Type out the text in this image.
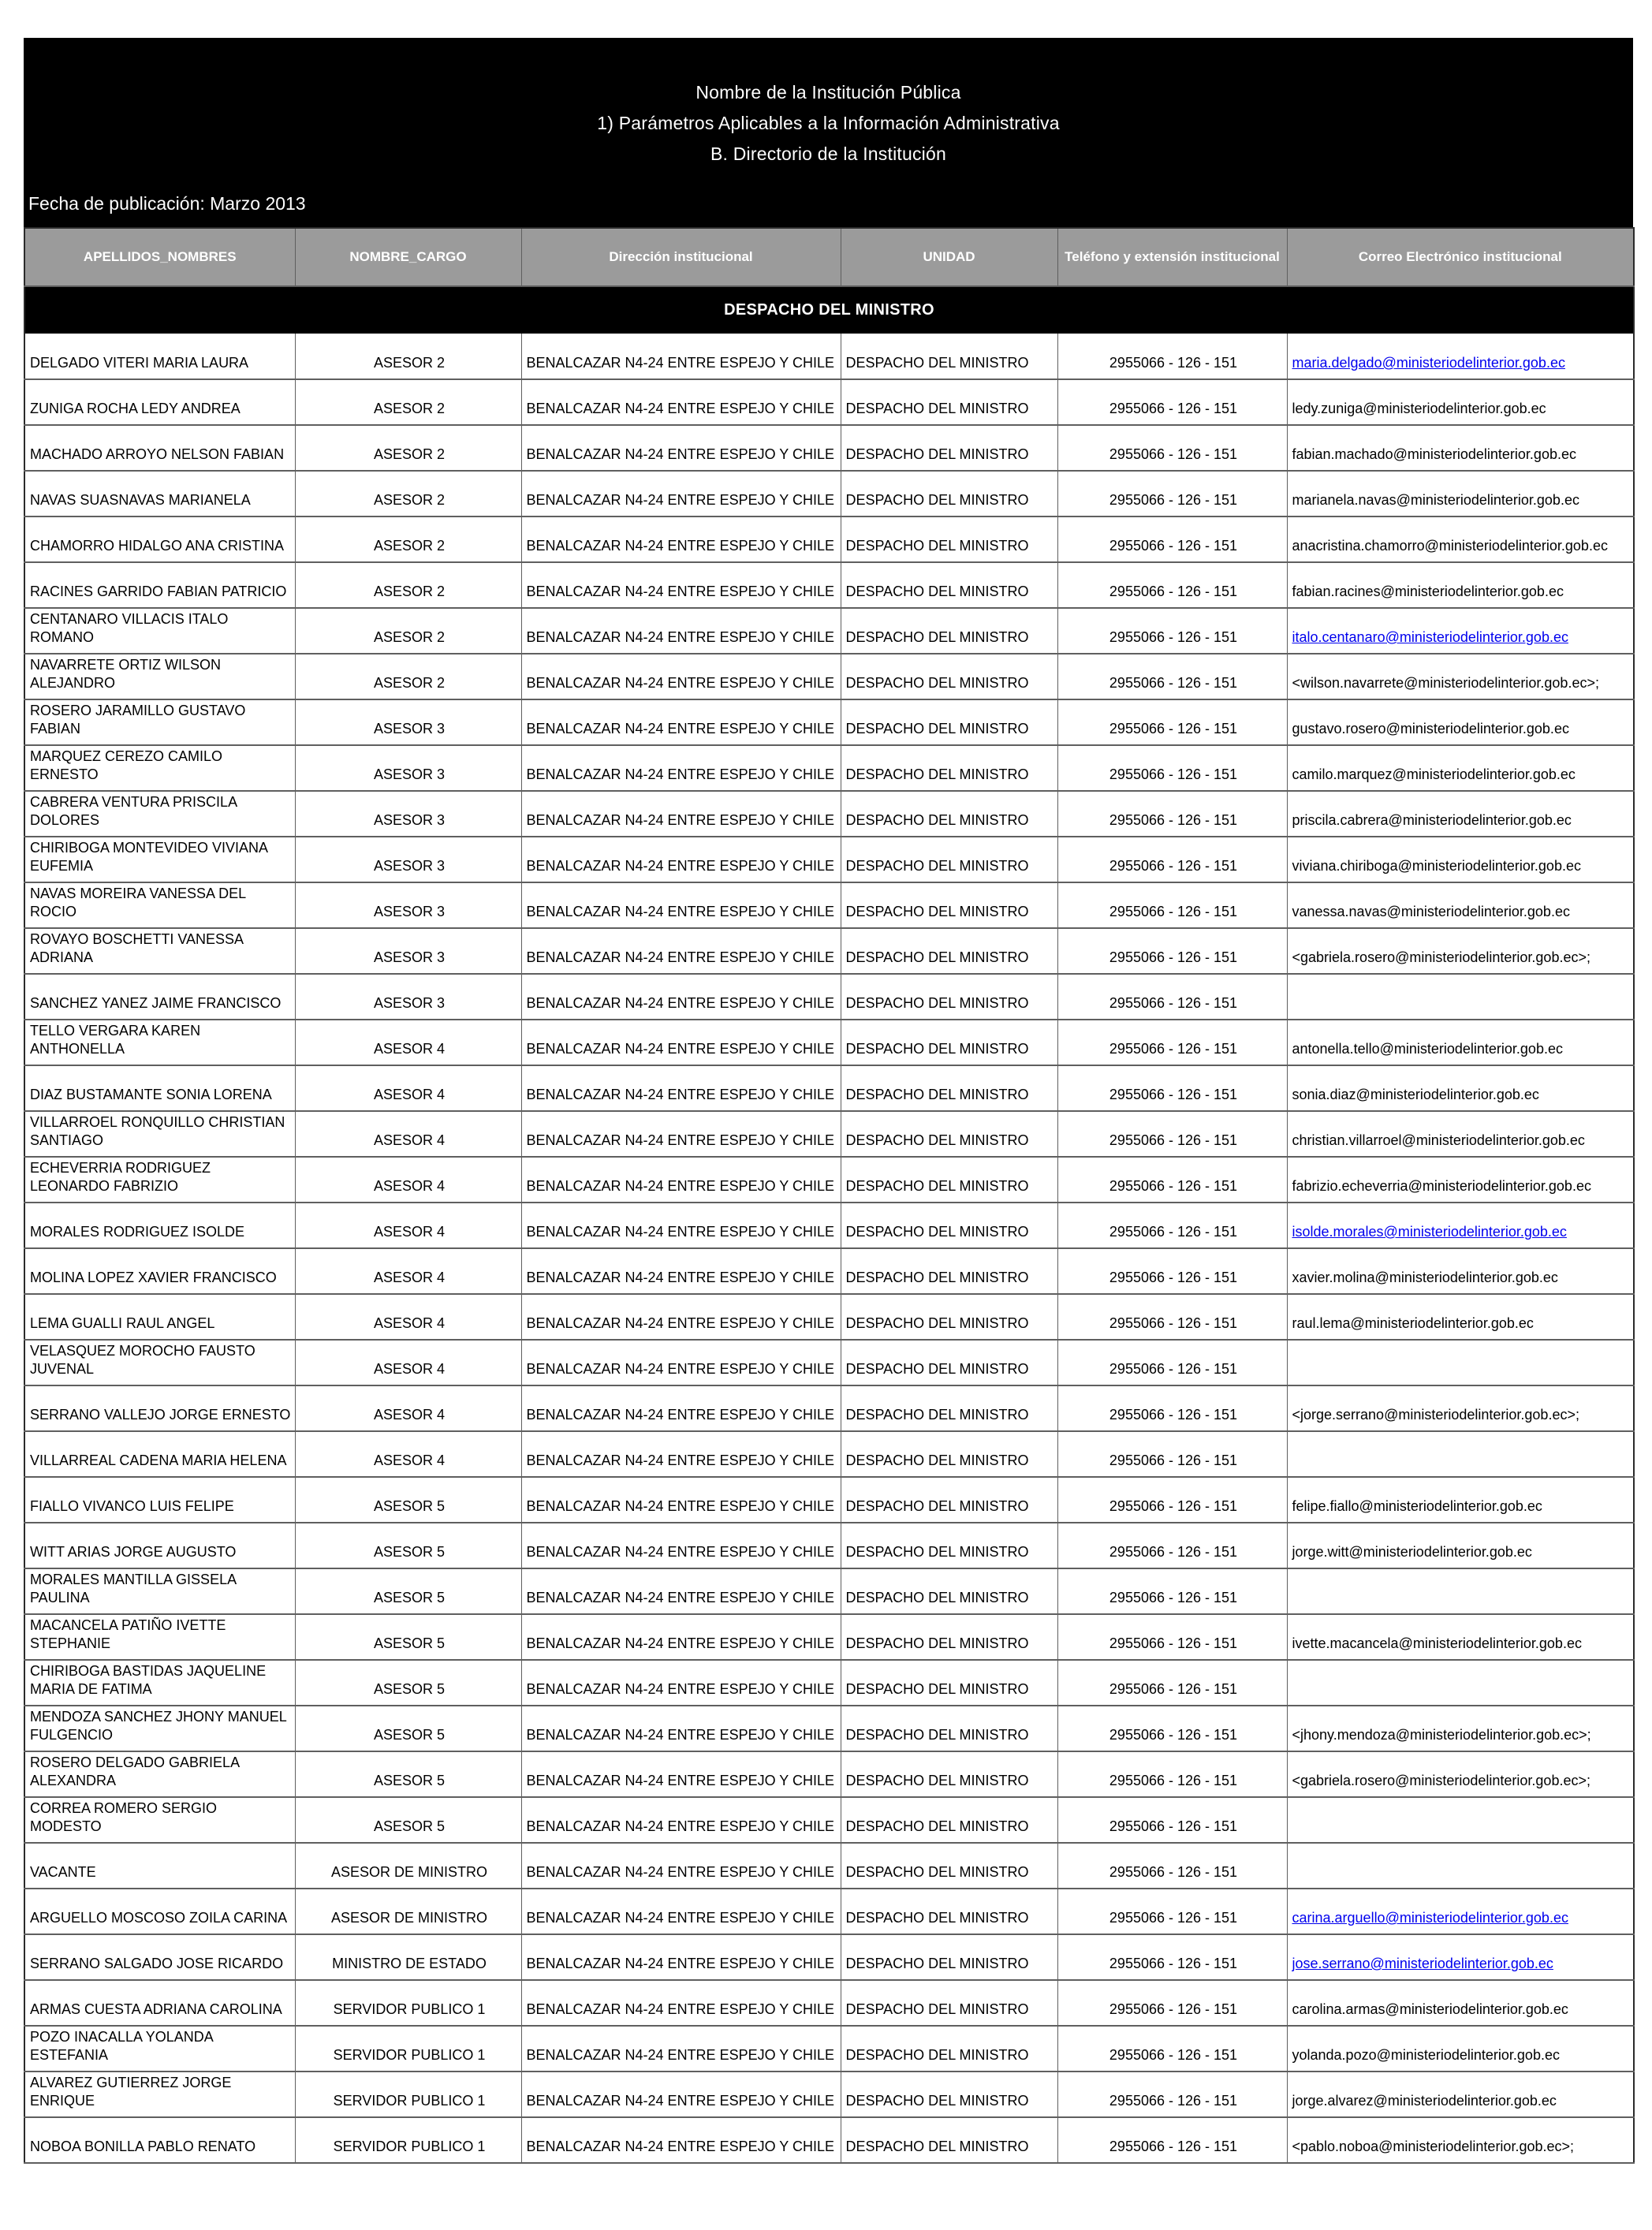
Nombre de la Institución Pública
1) Parámetros Aplicables a la Información Administrativa
B. Directorio de la Institución
Fecha de publicación: Marzo 2013
APELLIDOS_NOMBRES	NOMBRE_CARGO	Dirección institucional	UNIDAD	Teléfono y extensión institucional	Correo Electrónico institucional
DESPACHO DEL MINISTRO					
DELGADO VITERI MARIA LAURA	ASESOR 2	BENALCAZAR N4-24 ENTRE ESPEJO Y CHILE	DESPACHO DEL MINISTRO	2955066 - 126 - 151	maria.delgado@ministeriodelinterior.gob.ec
ZUNIGA ROCHA LEDY ANDREA	ASESOR 2	BENALCAZAR N4-24 ENTRE ESPEJO Y CHILE	DESPACHO DEL MINISTRO	2955066 - 126 - 151	ledy.zuniga@ministeriodelinterior.gob.ec
MACHADO ARROYO NELSON FABIAN	ASESOR 2	BENALCAZAR N4-24 ENTRE ESPEJO Y CHILE	DESPACHO DEL MINISTRO	2955066 - 126 - 151	fabian.machado@ministeriodelinterior.gob.ec
NAVAS SUASNAVAS MARIANELA	ASESOR 2	BENALCAZAR N4-24 ENTRE ESPEJO Y CHILE	DESPACHO DEL MINISTRO	2955066 - 126 - 151	marianela.navas@ministeriodelinterior.gob.ec
CHAMORRO HIDALGO ANA CRISTINA	ASESOR 2	BENALCAZAR N4-24 ENTRE ESPEJO Y CHILE	DESPACHO DEL MINISTRO	2955066 - 126 - 151	anacristina.chamorro@ministeriodelinterior.gob.ec
RACINES GARRIDO FABIAN PATRICIO	ASESOR 2	BENALCAZAR N4-24 ENTRE ESPEJO Y CHILE	DESPACHO DEL MINISTRO	2955066 - 126 - 151	fabian.racines@ministeriodelinterior.gob.ec
CENTANARO VILLACIS ITALO ROMANO	ASESOR 2	BENALCAZAR N4-24 ENTRE ESPEJO Y CHILE	DESPACHO DEL MINISTRO	2955066 - 126 - 151	italo.centanaro@ministeriodelinterior.gob.ec
NAVARRETE ORTIZ WILSON ALEJANDRO	ASESOR 2	BENALCAZAR N4-24 ENTRE ESPEJO Y CHILE	DESPACHO DEL MINISTRO	2955066 - 126 - 151	<wilson.navarrete@ministeriodelinterior.gob.ec>;
ROSERO JARAMILLO GUSTAVO FABIAN	ASESOR 3	BENALCAZAR N4-24 ENTRE ESPEJO Y CHILE	DESPACHO DEL MINISTRO	2955066 - 126 - 151	gustavo.rosero@ministeriodelinterior.gob.ec
MARQUEZ CEREZO CAMILO ERNESTO	ASESOR 3	BENALCAZAR N4-24 ENTRE ESPEJO Y CHILE	DESPACHO DEL MINISTRO	2955066 - 126 - 151	camilo.marquez@ministeriodelinterior.gob.ec
CABRERA VENTURA PRISCILA DOLORES	ASESOR 3	BENALCAZAR N4-24 ENTRE ESPEJO Y CHILE	DESPACHO DEL MINISTRO	2955066 - 126 - 151	priscila.cabrera@ministeriodelinterior.gob.ec
CHIRIBOGA MONTEVIDEO VIVIANA EUFEMIA	ASESOR 3	BENALCAZAR N4-24 ENTRE ESPEJO Y CHILE	DESPACHO DEL MINISTRO	2955066 - 126 - 151	viviana.chiriboga@ministeriodelinterior.gob.ec
NAVAS MOREIRA VANESSA DEL ROCIO	ASESOR 3	BENALCAZAR N4-24 ENTRE ESPEJO Y CHILE	DESPACHO DEL MINISTRO	2955066 - 126 - 151	vanessa.navas@ministeriodelinterior.gob.ec
ROVAYO BOSCHETTI VANESSA ADRIANA	ASESOR 3	BENALCAZAR N4-24 ENTRE ESPEJO Y CHILE	DESPACHO DEL MINISTRO	2955066 - 126 - 151	<gabriela.rosero@ministeriodelinterior.gob.ec>;
SANCHEZ YANEZ JAIME FRANCISCO	ASESOR 3	BENALCAZAR N4-24 ENTRE ESPEJO Y CHILE	DESPACHO DEL MINISTRO	2955066 - 126 - 151	
TELLO VERGARA KAREN ANTHONELLA	ASESOR 4	BENALCAZAR N4-24 ENTRE ESPEJO Y CHILE	DESPACHO DEL MINISTRO	2955066 - 126 - 151	antonella.tello@ministeriodelinterior.gob.ec
DIAZ BUSTAMANTE SONIA LORENA	ASESOR 4	BENALCAZAR N4-24 ENTRE ESPEJO Y CHILE	DESPACHO DEL MINISTRO	2955066 - 126 - 151	sonia.diaz@ministeriodelinterior.gob.ec
VILLARROEL RONQUILLO CHRISTIAN SANTIAGO	ASESOR 4	BENALCAZAR N4-24 ENTRE ESPEJO Y CHILE	DESPACHO DEL MINISTRO	2955066 - 126 - 151	christian.villarroel@ministeriodelinterior.gob.ec
ECHEVERRIA RODRIGUEZ LEONARDO FABRIZIO	ASESOR 4	BENALCAZAR N4-24 ENTRE ESPEJO Y CHILE	DESPACHO DEL MINISTRO	2955066 - 126 - 151	fabrizio.echeverria@ministeriodelinterior.gob.ec
MORALES RODRIGUEZ ISOLDE	ASESOR 4	BENALCAZAR N4-24 ENTRE ESPEJO Y CHILE	DESPACHO DEL MINISTRO	2955066 - 126 - 151	isolde.morales@ministeriodelinterior.gob.ec
MOLINA LOPEZ XAVIER FRANCISCO	ASESOR 4	BENALCAZAR N4-24 ENTRE ESPEJO Y CHILE	DESPACHO DEL MINISTRO	2955066 - 126 - 151	xavier.molina@ministeriodelinterior.gob.ec
LEMA GUALLI RAUL ANGEL	ASESOR 4	BENALCAZAR N4-24 ENTRE ESPEJO Y CHILE	DESPACHO DEL MINISTRO	2955066 - 126 - 151	raul.lema@ministeriodelinterior.gob.ec
VELASQUEZ MOROCHO FAUSTO JUVENAL	ASESOR 4	BENALCAZAR N4-24 ENTRE ESPEJO Y CHILE	DESPACHO DEL MINISTRO	2955066 - 126 - 151	
SERRANO VALLEJO JORGE ERNESTO	ASESOR 4	BENALCAZAR N4-24 ENTRE ESPEJO Y CHILE	DESPACHO DEL MINISTRO	2955066 - 126 - 151	<jorge.serrano@ministeriodelinterior.gob.ec>;
VILLARREAL CADENA MARIA HELENA	ASESOR 4	BENALCAZAR N4-24 ENTRE ESPEJO Y CHILE	DESPACHO DEL MINISTRO	2955066 - 126 - 151	
FIALLO VIVANCO LUIS FELIPE	ASESOR 5	BENALCAZAR N4-24 ENTRE ESPEJO Y CHILE	DESPACHO DEL MINISTRO	2955066 - 126 - 151	felipe.fiallo@ministeriodelinterior.gob.ec
WITT ARIAS JORGE AUGUSTO	ASESOR 5	BENALCAZAR N4-24 ENTRE ESPEJO Y CHILE	DESPACHO DEL MINISTRO	2955066 - 126 - 151	jorge.witt@ministeriodelinterior.gob.ec
MORALES MANTILLA GISSELA PAULINA	ASESOR 5	BENALCAZAR N4-24 ENTRE ESPEJO Y CHILE	DESPACHO DEL MINISTRO	2955066 - 126 - 151	
MACANCELA PATIÑO IVETTE STEPHANIE	ASESOR 5	BENALCAZAR N4-24 ENTRE ESPEJO Y CHILE	DESPACHO DEL MINISTRO	2955066 - 126 - 151	ivette.macancela@ministeriodelinterior.gob.ec
CHIRIBOGA BASTIDAS JAQUELINE MARIA DE FATIMA	ASESOR 5	BENALCAZAR N4-24 ENTRE ESPEJO Y CHILE	DESPACHO DEL MINISTRO	2955066 - 126 - 151	
MENDOZA SANCHEZ JHONY MANUEL FULGENCIO	ASESOR 5	BENALCAZAR N4-24 ENTRE ESPEJO Y CHILE	DESPACHO DEL MINISTRO	2955066 - 126 - 151	<jhony.mendoza@ministeriodelinterior.gob.ec>;
ROSERO DELGADO GABRIELA ALEXANDRA	ASESOR 5	BENALCAZAR N4-24 ENTRE ESPEJO Y CHILE	DESPACHO DEL MINISTRO	2955066 - 126 - 151	<gabriela.rosero@ministeriodelinterior.gob.ec>;
CORREA ROMERO SERGIO MODESTO	ASESOR 5	BENALCAZAR N4-24 ENTRE ESPEJO Y CHILE	DESPACHO DEL MINISTRO	2955066 - 126 - 151	
VACANTE	ASESOR DE MINISTRO	BENALCAZAR N4-24 ENTRE ESPEJO Y CHILE	DESPACHO DEL MINISTRO	2955066 - 126 - 151	
ARGUELLO MOSCOSO ZOILA CARINA	ASESOR DE MINISTRO	BENALCAZAR N4-24 ENTRE ESPEJO Y CHILE	DESPACHO DEL MINISTRO	2955066 - 126 - 151	carina.arguello@ministeriodelinterior.gob.ec
SERRANO SALGADO JOSE RICARDO	MINISTRO DE ESTADO	BENALCAZAR N4-24 ENTRE ESPEJO Y CHILE	DESPACHO DEL MINISTRO	2955066 - 126 - 151	jose.serrano@ministeriodelinterior.gob.ec
ARMAS CUESTA ADRIANA CAROLINA	SERVIDOR PUBLICO 1	BENALCAZAR N4-24 ENTRE ESPEJO Y CHILE	DESPACHO DEL MINISTRO	2955066 - 126 - 151	carolina.armas@ministeriodelinterior.gob.ec
POZO INACALLA YOLANDA ESTEFANIA	SERVIDOR PUBLICO 1	BENALCAZAR N4-24 ENTRE ESPEJO Y CHILE	DESPACHO DEL MINISTRO	2955066 - 126 - 151	yolanda.pozo@ministeriodelinterior.gob.ec
ALVAREZ GUTIERREZ JORGE ENRIQUE	SERVIDOR PUBLICO 1	BENALCAZAR N4-24 ENTRE ESPEJO Y CHILE	DESPACHO DEL MINISTRO	2955066 - 126 - 151	jorge.alvarez@ministeriodelinterior.gob.ec
NOBOA BONILLA PABLO RENATO	SERVIDOR PUBLICO 1	BENALCAZAR N4-24 ENTRE ESPEJO Y CHILE	DESPACHO DEL MINISTRO	2955066 - 126 - 151	<pablo.noboa@ministeriodelinterior.gob.ec>;
